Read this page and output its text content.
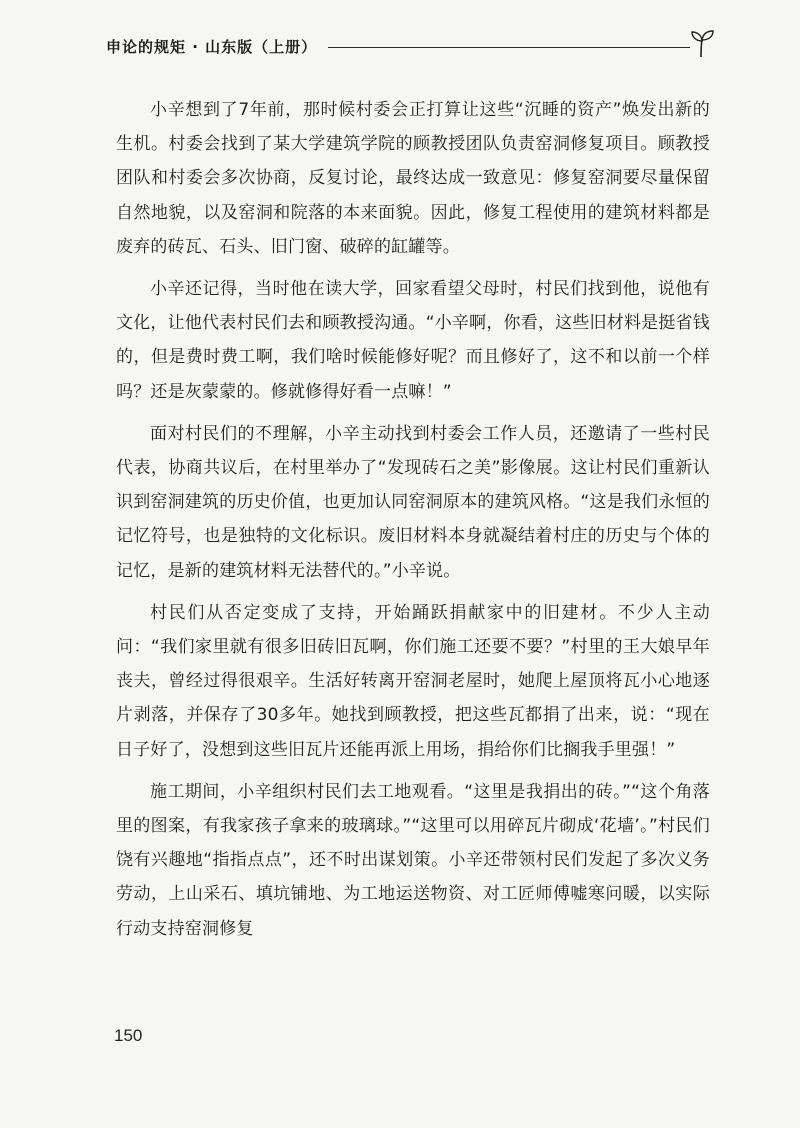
申论的规矩 · 山东版（上册）

小辛想到了7年前，那时候村委会正打算让这些“沉睡的资产”焕发出新的生机。村委会找到了某大学建筑学院的顾教授团队负责窑洞修复项目。顾教授团队和村委会多次协商，反复讨论，最终达成一致意见：修复窑洞要尽量保留自然地貌，以及窑洞和院落的本来面貌。因此，修复工程使用的建筑材料都是废弃的砖瓦、石头、旧门窗、破碎的缸罐等。

小辛还记得，当时他在读大学，回家看望父母时，村民们找到他，说他有文化，让他代表村民们去和顾教授沟通。“小辛啊，你看，这些旧材料是挺省钱的，但是费时费工啊，我们啥时候能修好呢？而且修好了，这不和以前一个样吗？还是灰蒙蒙的。修就修得好看一点嘛！”

面对村民们的不理解，小辛主动找到村委会工作人员，还邀请了一些村民代表，协商共议后，在村里举办了“发现砖石之美”影像展。这让村民们重新认识到窑洞建筑的历史价值，也更加认同窑洞原本的建筑风格。“这是我们永恒的记忆符号，也是独特的文化标识。废旧材料本身就凝结着村庄的历史与个体的记忆，是新的建筑材料无法替代的。”小辛说。

村民们从否定变成了支持，开始踊跃捐献家中的旧建材。不少人主动问：“我们家里就有很多旧砖旧瓦啊，你们施工还要不要？”村里的王大娘早年丧夫，曾经过得很艰辛。生活好转离开窑洞老屋时，她爬上屋顶将瓦小心地逐片剥落，并保存了30多年。她找到顾教授，把这些瓦都捐了出来，说：“现在日子好了，没想到这些旧瓦片还能再派上用场，捐给你们比搁我手里强！”

施工期间，小辛组织村民们去工地观看。“这里是我捐出的砖。”“这个角落里的图案，有我家孩子拿来的玻璃球。”“这里可以用碎瓦片砌成‘花墙’。”村民们饶有兴趣地“指指点点”，还不时出谋划策。小辛还带领村民们发起了多次义务劳动，上山采石、填坑铺地、为工地运送物资、对工匠师傅嘘寒问暖，以实际行动支持窑洞修复

150
